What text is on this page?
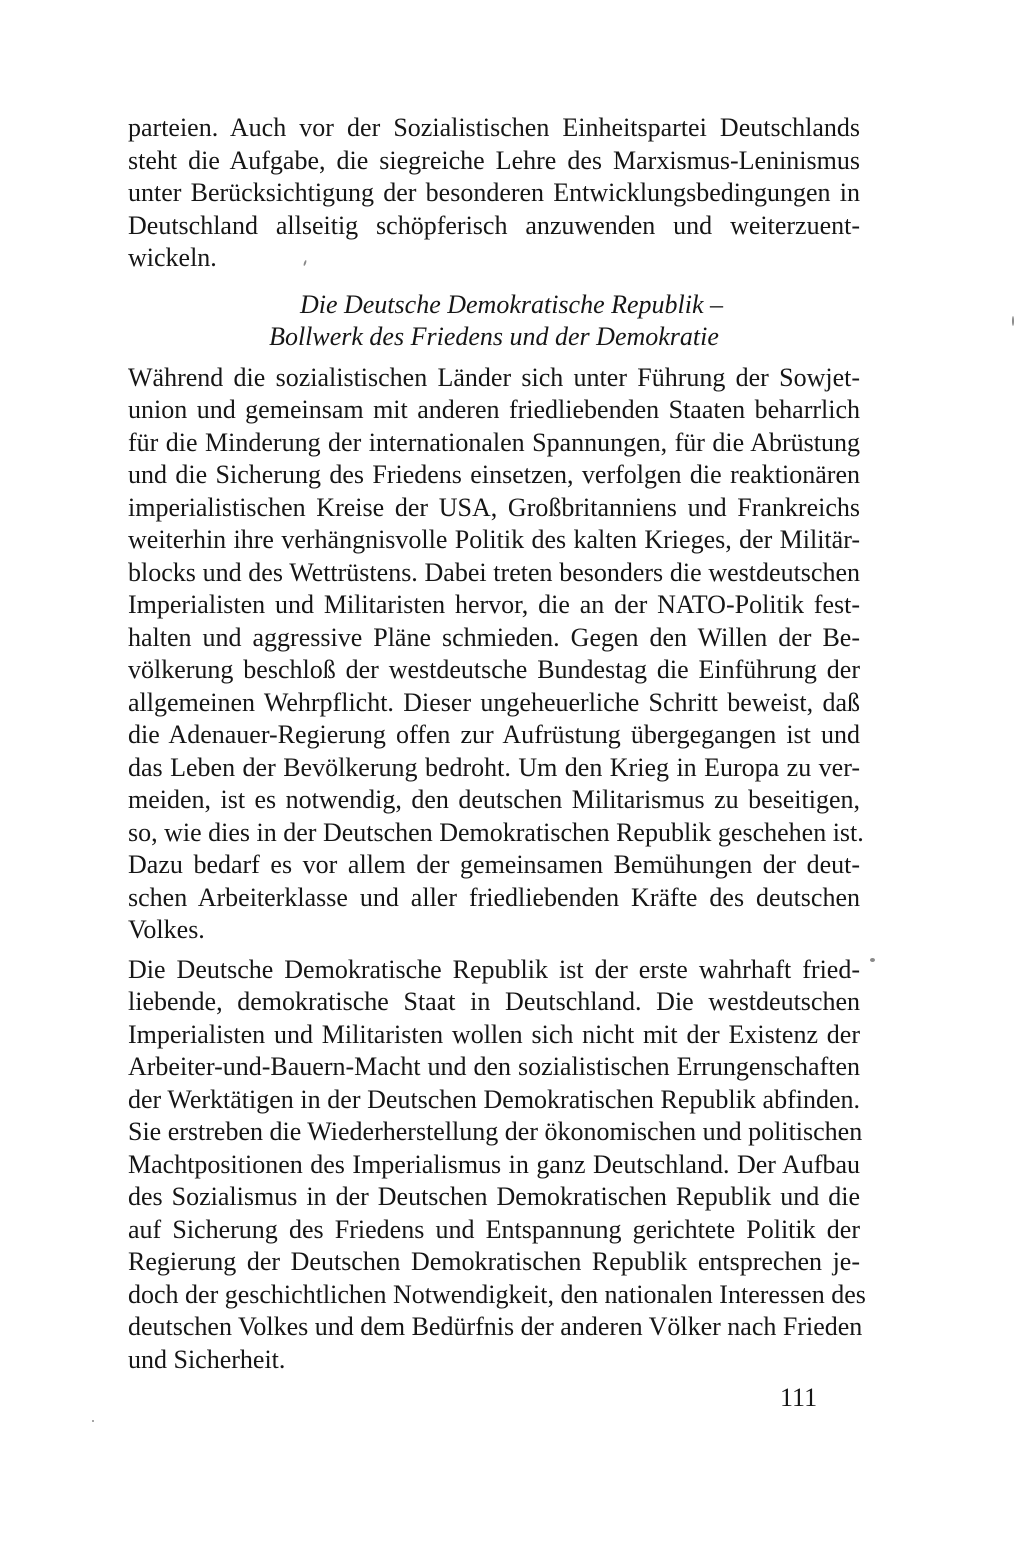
parteien. Auch vor der Sozialistischen Einheitspartei Deutschlands
steht die Aufgabe, die siegreiche Lehre des Marxismus-Leninismus
unter Berücksichtigung der besonderen Entwicklungsbedingungen in
Deutschland allseitig schöpferisch anzuwenden und weiterzuent-
wickeln.
Die Deutsche Demokratische Republik –
Bollwerk des Friedens und der Demokratie
Während die sozialistischen Länder sich unter Führung der Sowjet-
union und gemeinsam mit anderen friedliebenden Staaten beharrlich
für die Minderung der internationalen Spannungen, für die Abrüstung
und die Sicherung des Friedens einsetzen, verfolgen die reaktionären
imperialistischen Kreise der USA, Großbritanniens und Frankreichs
weiterhin ihre verhängnisvolle Politik des kalten Krieges, der Militär-
blocks und des Wettrüstens. Dabei treten besonders die westdeutschen
Imperialisten und Militaristen hervor, die an der NATO-Politik fest-
halten und aggressive Pläne schmieden. Gegen den Willen der Be-
völkerung beschloß der westdeutsche Bundestag die Einführung der
allgemeinen Wehrpflicht. Dieser ungeheuerliche Schritt beweist, daß
die Adenauer-Regierung offen zur Aufrüstung übergegangen ist und
das Leben der Bevölkerung bedroht. Um den Krieg in Europa zu ver-
meiden, ist es notwendig, den deutschen Militarismus zu beseitigen,
so, wie dies in der Deutschen Demokratischen Republik geschehen ist.
Dazu bedarf es vor allem der gemeinsamen Bemühungen der deut-
schen Arbeiterklasse und aller friedliebenden Kräfte des deutschen
Volkes.
Die Deutsche Demokratische Republik ist der erste wahrhaft fried-
liebende, demokratische Staat in Deutschland. Die westdeutschen
Imperialisten und Militaristen wollen sich nicht mit der Existenz der
Arbeiter-und-Bauern-Macht und den sozialistischen Errungenschaften
der Werktätigen in der Deutschen Demokratischen Republik abfinden.
Sie erstreben die Wiederherstellung der ökonomischen und politischen
Machtpositionen des Imperialismus in ganz Deutschland. Der Aufbau
des Sozialismus in der Deutschen Demokratischen Republik und die
auf Sicherung des Friedens und Entspannung gerichtete Politik der
Regierung der Deutschen Demokratischen Republik entsprechen je-
doch der geschichtlichen Notwendigkeit, den nationalen Interessen des
deutschen Volkes und dem Bedürfnis der anderen Völker nach Frieden
und Sicherheit.
111
